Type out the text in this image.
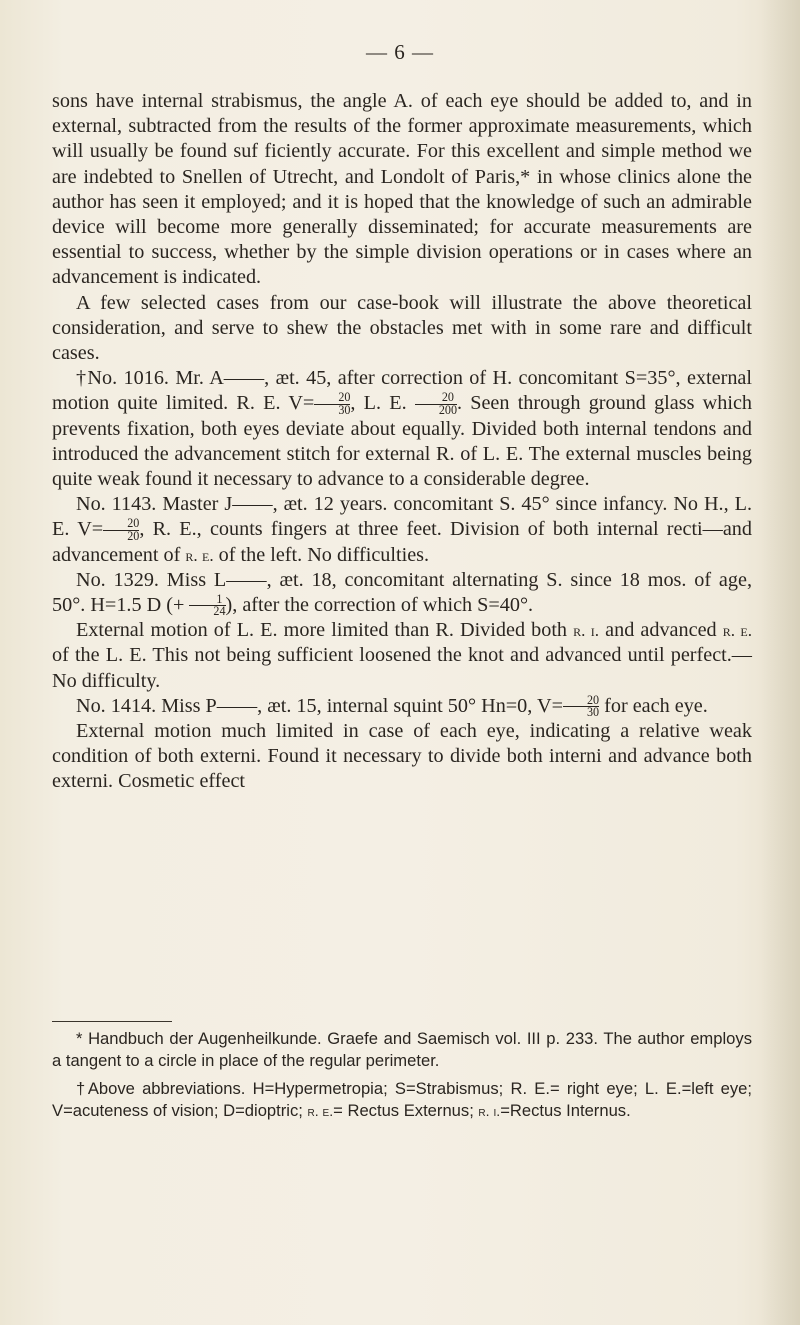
— 6 —

sons have internal strabismus, the angle A. of each eye should be added to, and in external, subtracted from the results of the former approximate measurements, which will usually be found suf ficiently accurate. For this excellent and simple method we are indebted to Snellen of Utrecht, and Londolt of Paris,* in whose clinics alone the author has seen it employed; and it is hoped that the knowledge of such an admirable device will become more generally disseminated; for accurate measurements are essential to success, whether by the simple division operations or in cases where an advancement is indicated.

A few selected cases from our case-book will illustrate the above theoretical consideration, and serve to shew the obstacles met with in some rare and difficult cases.

†No. 1016. Mr. A——, æt. 45, after correction of H. concomitant S=35°, external motion quite limited. R. E. $V= \frac{20}{30}$ , L. E. $\frac{20}{200}$ . Seen through ground glass which prevents fixation, both eyes deviate about equally. Divided both internal tendons and introduced the advancement stitch for external R. of L. E. The external muscles being quite weak found it necessary to advance to a considerable degree.

No. 1143. Master J——, æt. 12 years. concomitant S. 45° since infancy. No H., L. E. $V= \frac{20}{20}$ , R. E., counts fingers at three feet. Division of both internal recti—and advancement of r. e. of the left. No difficulties.

No. 1329. Miss L——, æt. 18, concomitant alternating S. since 18 mos. of age, 50°. H=1.5 D (+ $\frac{1}{24}$ ), after the correction of which S=40°.

External motion of L. E. more limited than R. Divided both r. i. and advanced r. e. of the L. E. This not being sufficient loosened the knot and advanced until perfect.—No difficulty.

No. 1414. Miss P——, æt. 15, internal squint 50° Hn=0, $V= \frac{20}{30}$ for each eye.

External motion much limited in case of each eye, indicating a relative weak condition of both externi. Found it necessary to divide both interni and advance both externi. Cosmetic effect

* Handbuch der Augenheilkunde. Graefe and Saemisch vol. III p. 233. The author employs a tangent to a circle in place of the regular perimeter.

†Above abbreviations. H=Hypermetropia; S=Strabismus; R. E.= right eye; L. E.=left eye; V=acuteness of vision; D=dioptric; r. e.= Rectus Externus; r. i.=Rectus Internus.
